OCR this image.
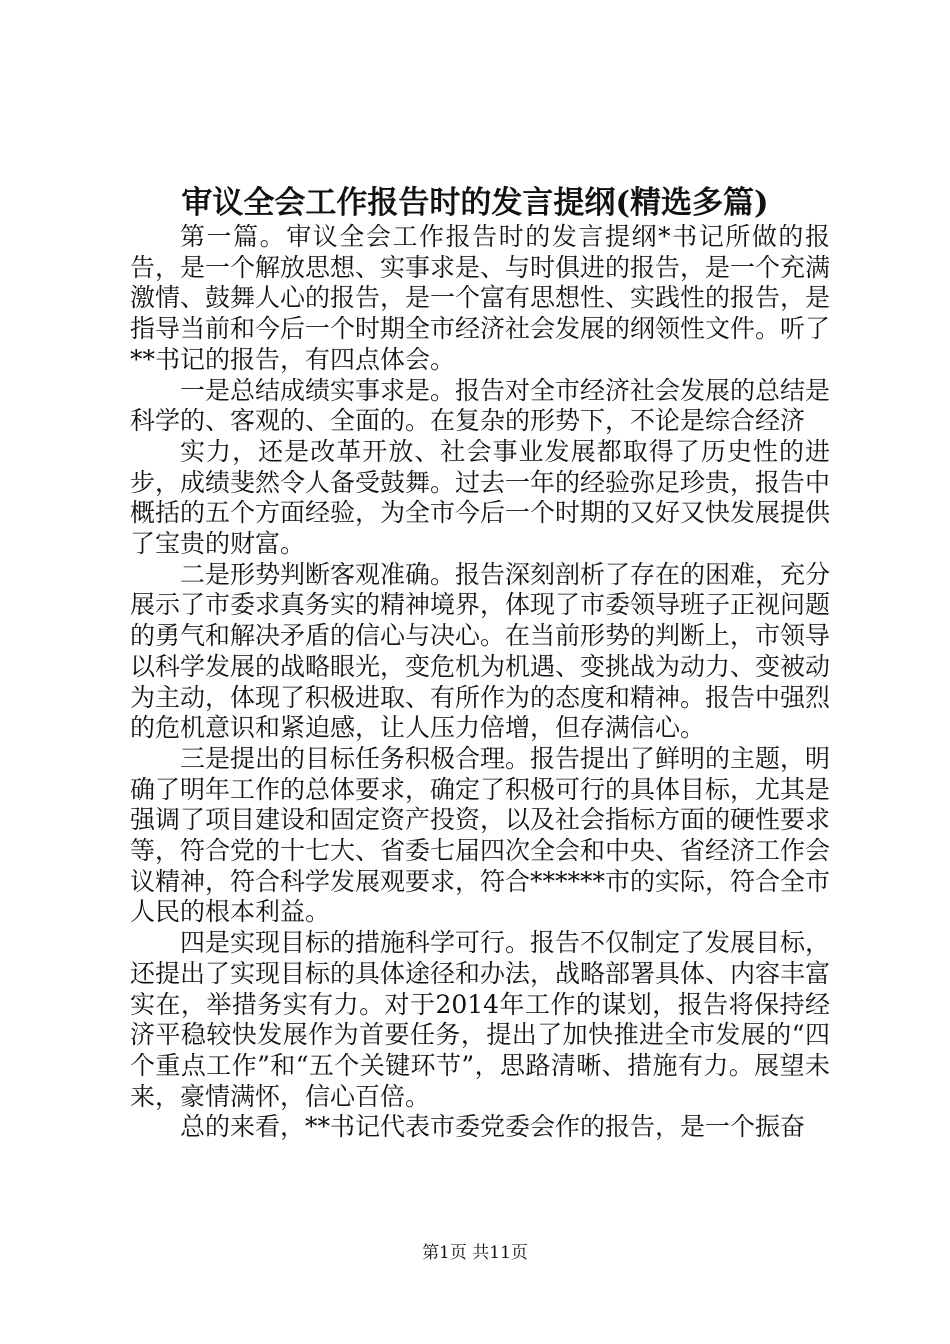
审议全会工作报告时的发言提纲(精选多篇)

第一篇。审议全会工作报告时的发言提纲*书记所做的报告，是一个解放思想、实事求是、与时俱进的报告，是一个充满激情、鼓舞人心的报告，是一个富有思想性、实践性的报告，是指导当前和今后一个时期全市经济社会发展的纲领性文件。听了**书记的报告，有四点体会。

一是总结成绩实事求是。报告对全市经济社会发展的总结是科学的、客观的、全面的。在复杂的形势下，不论是综合经济

实力，还是改革开放、社会事业发展都取得了历史性的进步，成绩斐然令人备受鼓舞。过去一年的经验弥足珍贵，报告中概括的五个方面经验，为全市今后一个时期的又好又快发展提供了宝贵的财富。

二是形势判断客观准确。报告深刻剖析了存在的困难，充分展示了市委求真务实的精神境界，体现了市委领导班子正视问题的勇气和解决矛盾的信心与决心。在当前形势的判断上，市领导以科学发展的战略眼光，变危机为机遇、变挑战为动力、变被动为主动，体现了积极进取、有所作为的态度和精神。报告中强烈的危机意识和紧迫感，让人压力倍增，但存满信心。

三是提出的目标任务积极合理。报告提出了鲜明的主题，明确了明年工作的总体要求，确定了积极可行的具体目标，尤其是强调了项目建设和固定资产投资，以及社会指标方面的硬性要求等，符合党的十七大、省委七届四次全会和中央、省经济工作会议精神，符合科学发展观要求，符合******市的实际，符合全市人民的根本利益。

四是实现目标的措施科学可行。报告不仅制定了发展目标，还提出了实现目标的具体途径和办法，战略部署具体、内容丰富实在，举措务实有力。对于2014年工作的谋划，报告将保持经济平稳较快发展作为首要任务，提出了加快推进全市发展的“四个重点工作”和“五个关键环节”，思路清晰、措施有力。展望未来，豪情满怀，信心百倍。

总的来看，**书记代表市委党委会作的报告，是一个振奋

第1页 共11页
